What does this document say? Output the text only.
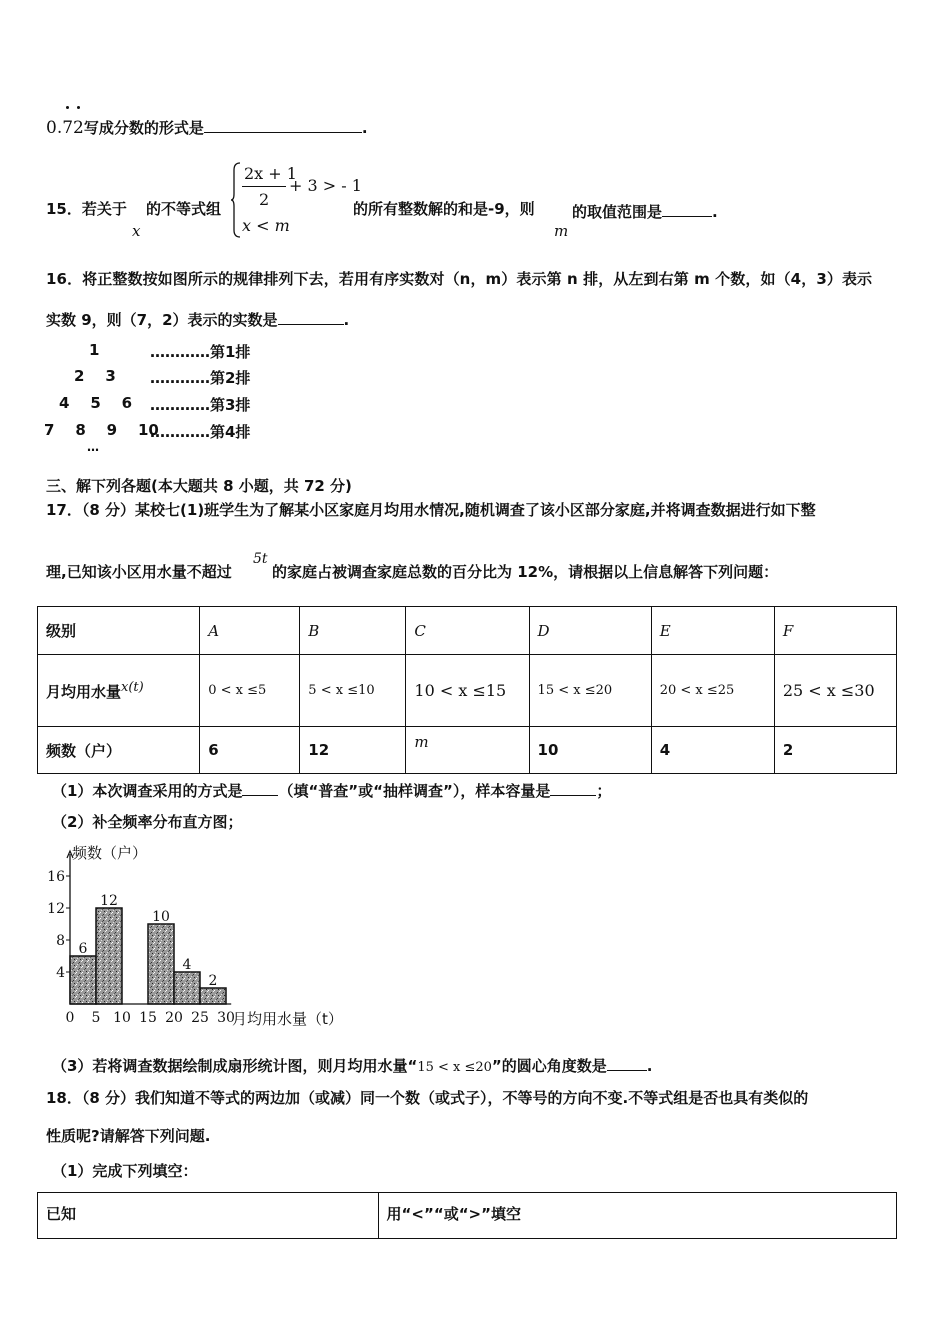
0.72写成分数的形式是	.
15．若关于
x
的不等式组
2x + 1
2
+ 3 > - 1
x < m
的所有整数解的和是-9，则
m
的取值范围是	.
16．将正整数按如图所示的规律排列下去，若用有序实数对（n，m）表示第 n 排，从左到右第 m 个数，如（4，3）表示
实数 9，则（7，2）表示的实数是	.
1	…………第1排
2    3 …………第2排
4    5    6 …………第3排
7    8    9    10
…………第4排
…
三、解下列各题(本大题共 8 小题，共 72 分)
17．（8 分）某校七(1)班学生为了解某小区家庭月均用水情况,随机调查了该小区部分家庭,并将调查数据进行如下整
理,已知该小区用水量不超过
5t
的家庭占被调查家庭总数的百分比为 12%，请根据以上信息解答下列问题：
级别	A	B	C	D	E	F
月均用水量$^{x(t)}$	0 < x ≤5	5 < x ≤10	10 < x ≤15	15 < x ≤20	20 < x ≤25	25 < x ≤30
频数（户）	6	12	m	10	4	2
（1）本次调查采用的方式是 （填“普查”或“抽样调查”），样本容量是	；
（2）补全频率分布直方图；
6
12
10
4
2
4
8
12
16
0 5 10 15 20 25 30
频数（户）
月均用水量（t）
（3）若将调查数据绘制成扇形统计图，则月均用水量“15 < x ≤20”的圆心角度数是	.
18．（8 分）我们知道不等式的两边加（或减）同一个数（或式子），不等号的方向不变.不等式组是否也具有类似的
性质呢?请解答下列问题.
（1）完成下列填空：
已知	用“<”“或“>”填空
